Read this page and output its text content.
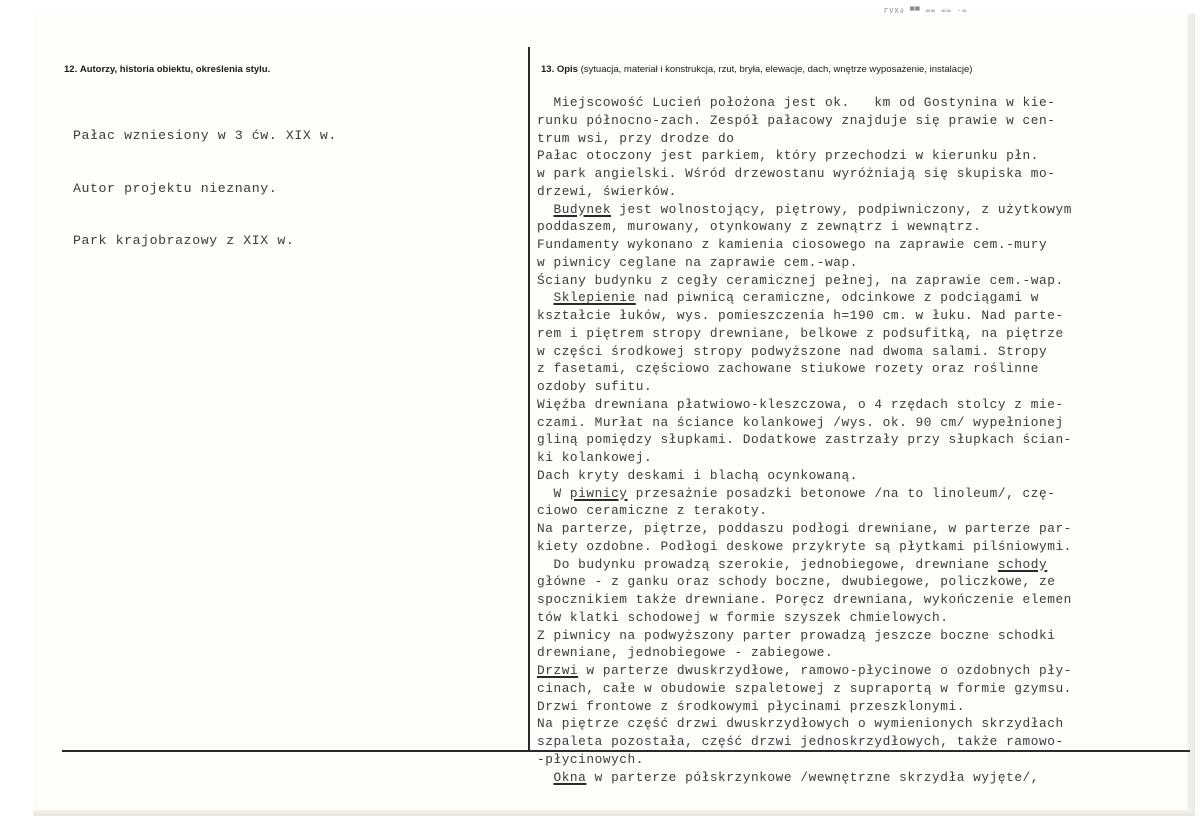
ΓVX∂ ▀▀ ∞∞ ∞∞ ·∞
12. Autorzy, historia obiektu, określenia stylu.	13. Opis (sytuacja, materiał i konstrukcja, rzut, bryła, elewacje, dach, wnętrze wyposażenie, instalacje)

Pałac wzniesiony w 3 ćw. XIX w.

Autor projektu nieznany.

Park krajobrazowy z XIX w.

Miejscowość Lucień położona jest ok.   km od Gostynina w kie-
runku północno-zach. Zespół pałacowy znajduje się prawie w cen-
trum wsi, przy drodze do
Pałac otoczony jest parkiem, który przechodzi w kierunku płn.
w park angielski. Wśród drzewostanu wyróżniają się skupiska mo-
drzewi, świerków.
Budynek jest wolnostojący, piętrowy, podpiwniczony, z użytkowym
poddaszem, murowany, otynkowany z zewnątrz i wewnątrz.
Fundamenty wykonano z kamienia ciosowego na zaprawie cem.-mury
w piwnicy ceglane na zaprawie cem.-wap.
Ściany budynku z cegły ceramicznej pełnej, na zaprawie cem.-wap.
Sklepienie nad piwnicą ceramiczne, odcinkowe z podciągami w
kształcie łuków, wys. pomieszczenia h=190 cm. w łuku. Nad parte-
rem i piętrem stropy drewniane, belkowe z podsufitką, na piętrze
w części środkowej stropy podwyższone nad dwoma salami. Stropy
z fasetami, częściowo zachowane stiukowe rozety oraz roślinne
ozdoby sufitu.
Więźba drewniana płatwiowo-kleszczowa, o 4 rzędach stolcy z mie-
czami. Murłat na ściance kolankowej /wys. ok. 90 cm/ wypełnionej
gliną pomiędzy słupkami. Dodatkowe zastrzały przy słupkach ścian-
ki kolankowej.
Dach kryty deskami i blachą ocynkowaną.
W piwnicy przesażnie posadzki betonowe /na to linoleum/, czę-
ciowo ceramiczne z terakoty.
Na parterze, piętrze, poddaszu podłogi drewniane, w parterze par-
kiety ozdobne. Podłogi deskowe przykryte są płytkami pilśniowymi.
Do budynku prowadzą szerokie, jednobiegowe, drewniane schody
główne - z ganku oraz schody boczne, dwubiegowe, policzkowe, ze
spocznikiem także drewniane. Poręcz drewniana, wykończenie elemen
tów klatki schodowej w formie szyszek chmielowych.
Z piwnicy na podwyższony parter prowadzą jeszcze boczne schodki
drewniane, jednobiegowe - zabiegowe.
Drzwi w parterze dwuskrzydłowe, ramowo-płycinowe o ozdobnych pły-
cinach, całe w obudowie szpaletowej z supraportą w formie gzymsu.
Drzwi frontowe z środkowymi płycinami przeszklonymi.
Na piętrze część drzwi dwuskrzydłowych o wymienionych skrzydłach
szpaleta pozostała, część drzwi jednoskrzydłowych, także ramowo-
-płycinowych.
Okna w parterze półskrzynkowe /wewnętrzne skrzydła wyjęte/,
